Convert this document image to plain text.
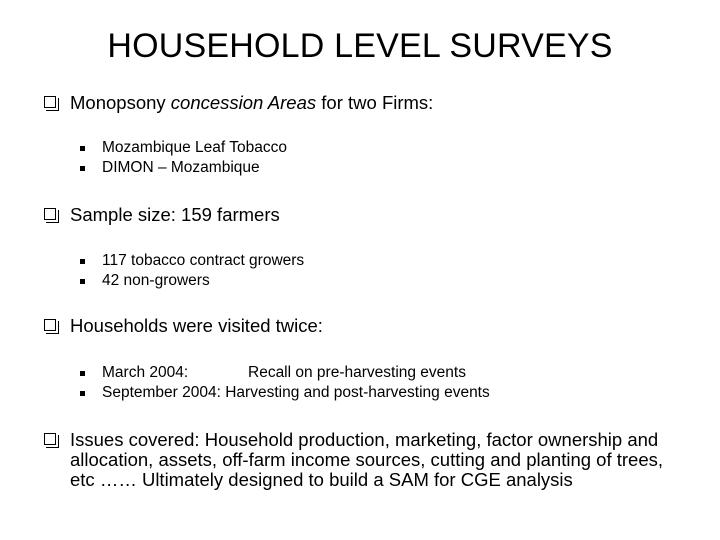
HOUSEHOLD LEVEL SURVEYS
Monopsony concession Areas for two Firms:
Mozambique Leaf Tobacco
DIMON – Mozambique
Sample size: 159 farmers
117 tobacco contract growers
42 non-growers
Households were visited twice:
March 2004:	Recall on pre-harvesting events
September 2004: Harvesting and post-harvesting events
Issues covered: Household production, marketing, factor ownership and allocation, assets, off-farm income sources, cutting and planting of trees, etc …… Ultimately designed to build a SAM for CGE analysis
